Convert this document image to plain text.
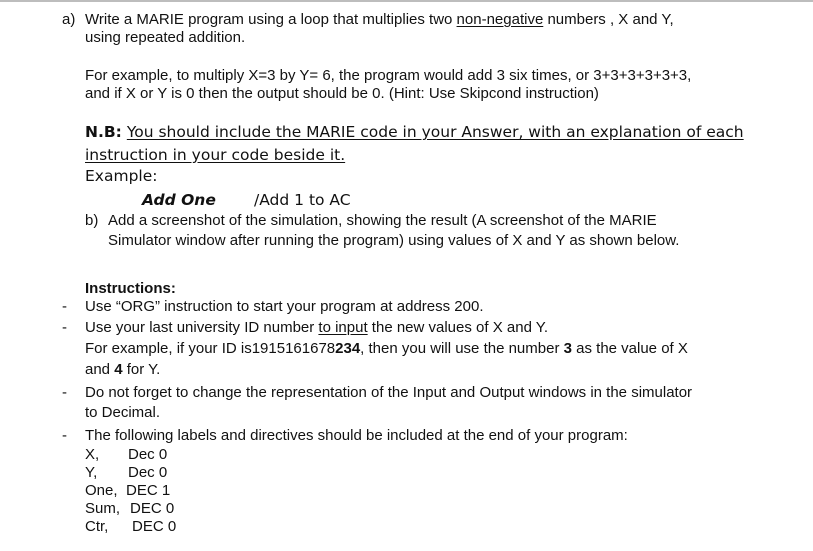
a) Write a MARIE program using a loop that multiplies two non-negative numbers , X and Y,

using repeated addition.

For example, to multiply X=3 by Y= 6, the program would add 3 six times, or 3+3+3+3+3+3,

and if X or Y is 0 then the output should be 0. (Hint: Use Skipcond instruction)

N.B: You should include the MARIE code in your Answer, with an explanation of each

instruction in your code beside it.

Example:

Add One /Add 1 to AC

b) Add a screenshot of the simulation, showing the result (A screenshot of the MARIE

Simulator window after running the program) using values of X and Y as shown below.

Instructions:

- Use “ORG” instruction to start your program at address 200.

- Use your last university ID number to input the new values of X and Y.

For example, if your ID is1915161678234, then you will use the number 3 as the value of X

and 4 for Y.

- Do not forget to change the representation of the Input and Output windows in the simulator

to Decimal.

- The following labels and directives should be included at the end of your program:

X, Dec 0
Y, Dec 0
One, DEC 1
Sum, DEC 0
Ctr, DEC 0
